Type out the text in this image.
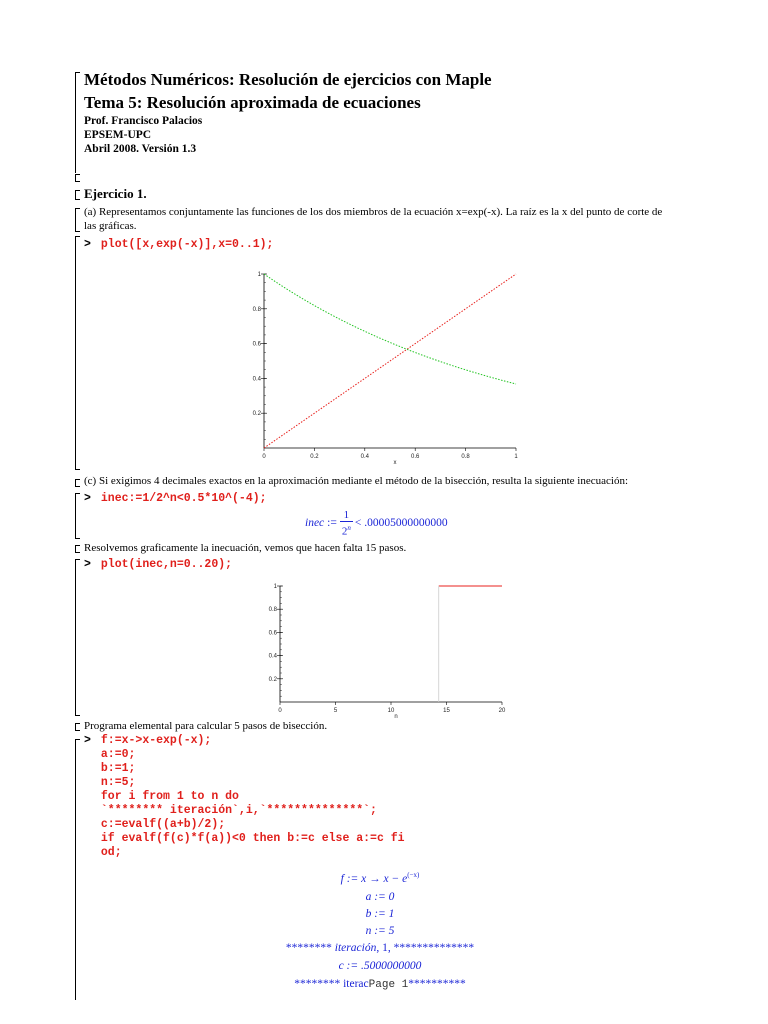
Métodos Numéricos: Resolución de ejercicios con Maple
Tema 5: Resolución aproximada de ecuaciones
Prof. Francisco Palacios
EPSEM-UPC
Abril 2008. Versión 1.3
Ejercicio 1.
(a) Representamos conjuntamente las funciones de los dos miembros de la ecuación x=exp(-x). La raíz es la x del punto de corte de
las gráficas.
> plot([x,exp(-x)],x=0..1);
0	0.2	0.4	0.6	0.8	1
0.2
0.4
0.6
0.8
1
x
(c) Si exigimos 4 decimales exactos en la aproximación mediante el método de la bisección, resulta la siguiente inecuación:
> inec:=1/2^n<0.5*10^(-4);
inec := $\frac{1}{2^n} < .00005000000000$
Resolvemos graficamente la inecuación, vemos que hacen falta 15 pasos.
> plot(inec,n=0..20);
0	5	10	15	20
0.2
0.4
0.6
0.8
1
n
Programa elemental para calcular 5 pasos de bisección.
> f:=x->x-exp(-x);
a:=0;
b:=1;
n:=5;
for i from 1 to n do
`******** iteración`,i,`**************`;
c:=evalf((a+b)/2);
if evalf(f(c)*f(a))<0 then b:=c else a:=c fi
od;
f := $x \to x - e^{(-x)}$
a := 0
b := 1
n := 5
******** iteración, 1, **************
c := .5000000000
******** iteracPage 1**********
